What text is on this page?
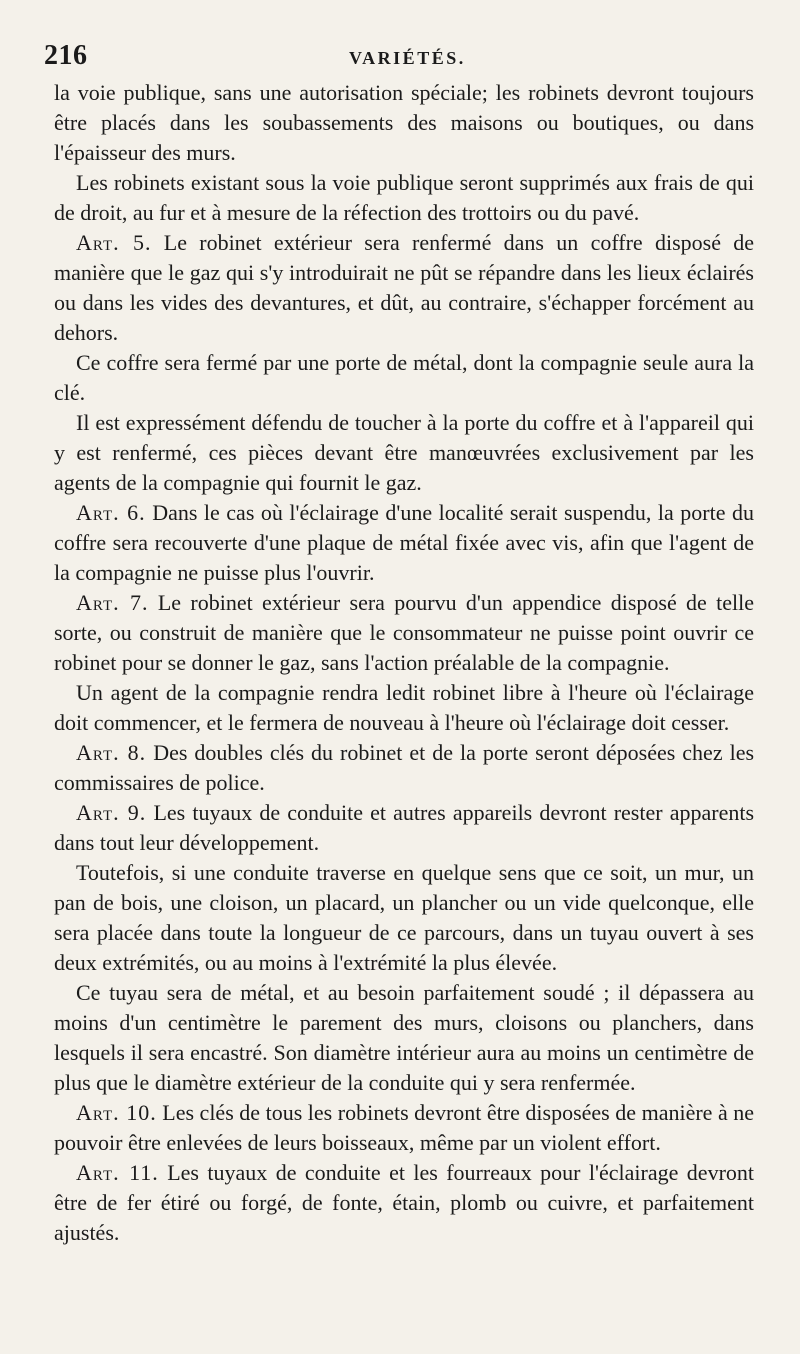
216	VARIÉTÉS.

la voie publique, sans une autorisation spéciale; les robinets devront toujours être placés dans les soubassements des maisons ou boutiques, ou dans l'épaisseur des murs.

Les robinets existant sous la voie publique seront supprimés aux frais de qui de droit, au fur et à mesure de la réfection des trottoirs ou du pavé.

Art. 5. Le robinet extérieur sera renfermé dans un coffre disposé de manière que le gaz qui s'y introduirait ne pût se répandre dans les lieux éclairés ou dans les vides des devantures, et dût, au contraire, s'échapper forcément au dehors.

Ce coffre sera fermé par une porte de métal, dont la compagnie seule aura la clé.

Il est expressément défendu de toucher à la porte du coffre et à l'appareil qui y est renfermé, ces pièces devant être manœuvrées exclusivement par les agents de la compagnie qui fournit le gaz.

Art. 6. Dans le cas où l'éclairage d'une localité serait suspendu, la porte du coffre sera recouverte d'une plaque de métal fixée avec vis, afin que l'agent de la compagnie ne puisse plus l'ouvrir.

Art. 7. Le robinet extérieur sera pourvu d'un appendice disposé de telle sorte, ou construit de manière que le consommateur ne puisse point ouvrir ce robinet pour se donner le gaz, sans l'action préalable de la compagnie.

Un agent de la compagnie rendra ledit robinet libre à l'heure où l'éclairage doit commencer, et le fermera de nouveau à l'heure où l'éclairage doit cesser.

Art. 8. Des doubles clés du robinet et de la porte seront déposées chez les commissaires de police.

Art. 9. Les tuyaux de conduite et autres appareils devront rester apparents dans tout leur développement.

Toutefois, si une conduite traverse en quelque sens que ce soit, un mur, un pan de bois, une cloison, un placard, un plancher ou un vide quelconque, elle sera placée dans toute la longueur de ce parcours, dans un tuyau ouvert à ses deux extrémités, ou au moins à l'extrémité la plus élevée.

Ce tuyau sera de métal, et au besoin parfaitement soudé ; il dépassera au moins d'un centimètre le parement des murs, cloisons ou planchers, dans lesquels il sera encastré. Son diamètre intérieur aura au moins un centimètre de plus que le diamètre extérieur de la conduite qui y sera renfermée.

Art. 10. Les clés de tous les robinets devront être disposées de manière à ne pouvoir être enlevées de leurs boisseaux, même par un violent effort.

Art. 11. Les tuyaux de conduite et les fourreaux pour l'éclairage devront être de fer étiré ou forgé, de fonte, étain, plomb ou cuivre, et parfaitement ajustés.
